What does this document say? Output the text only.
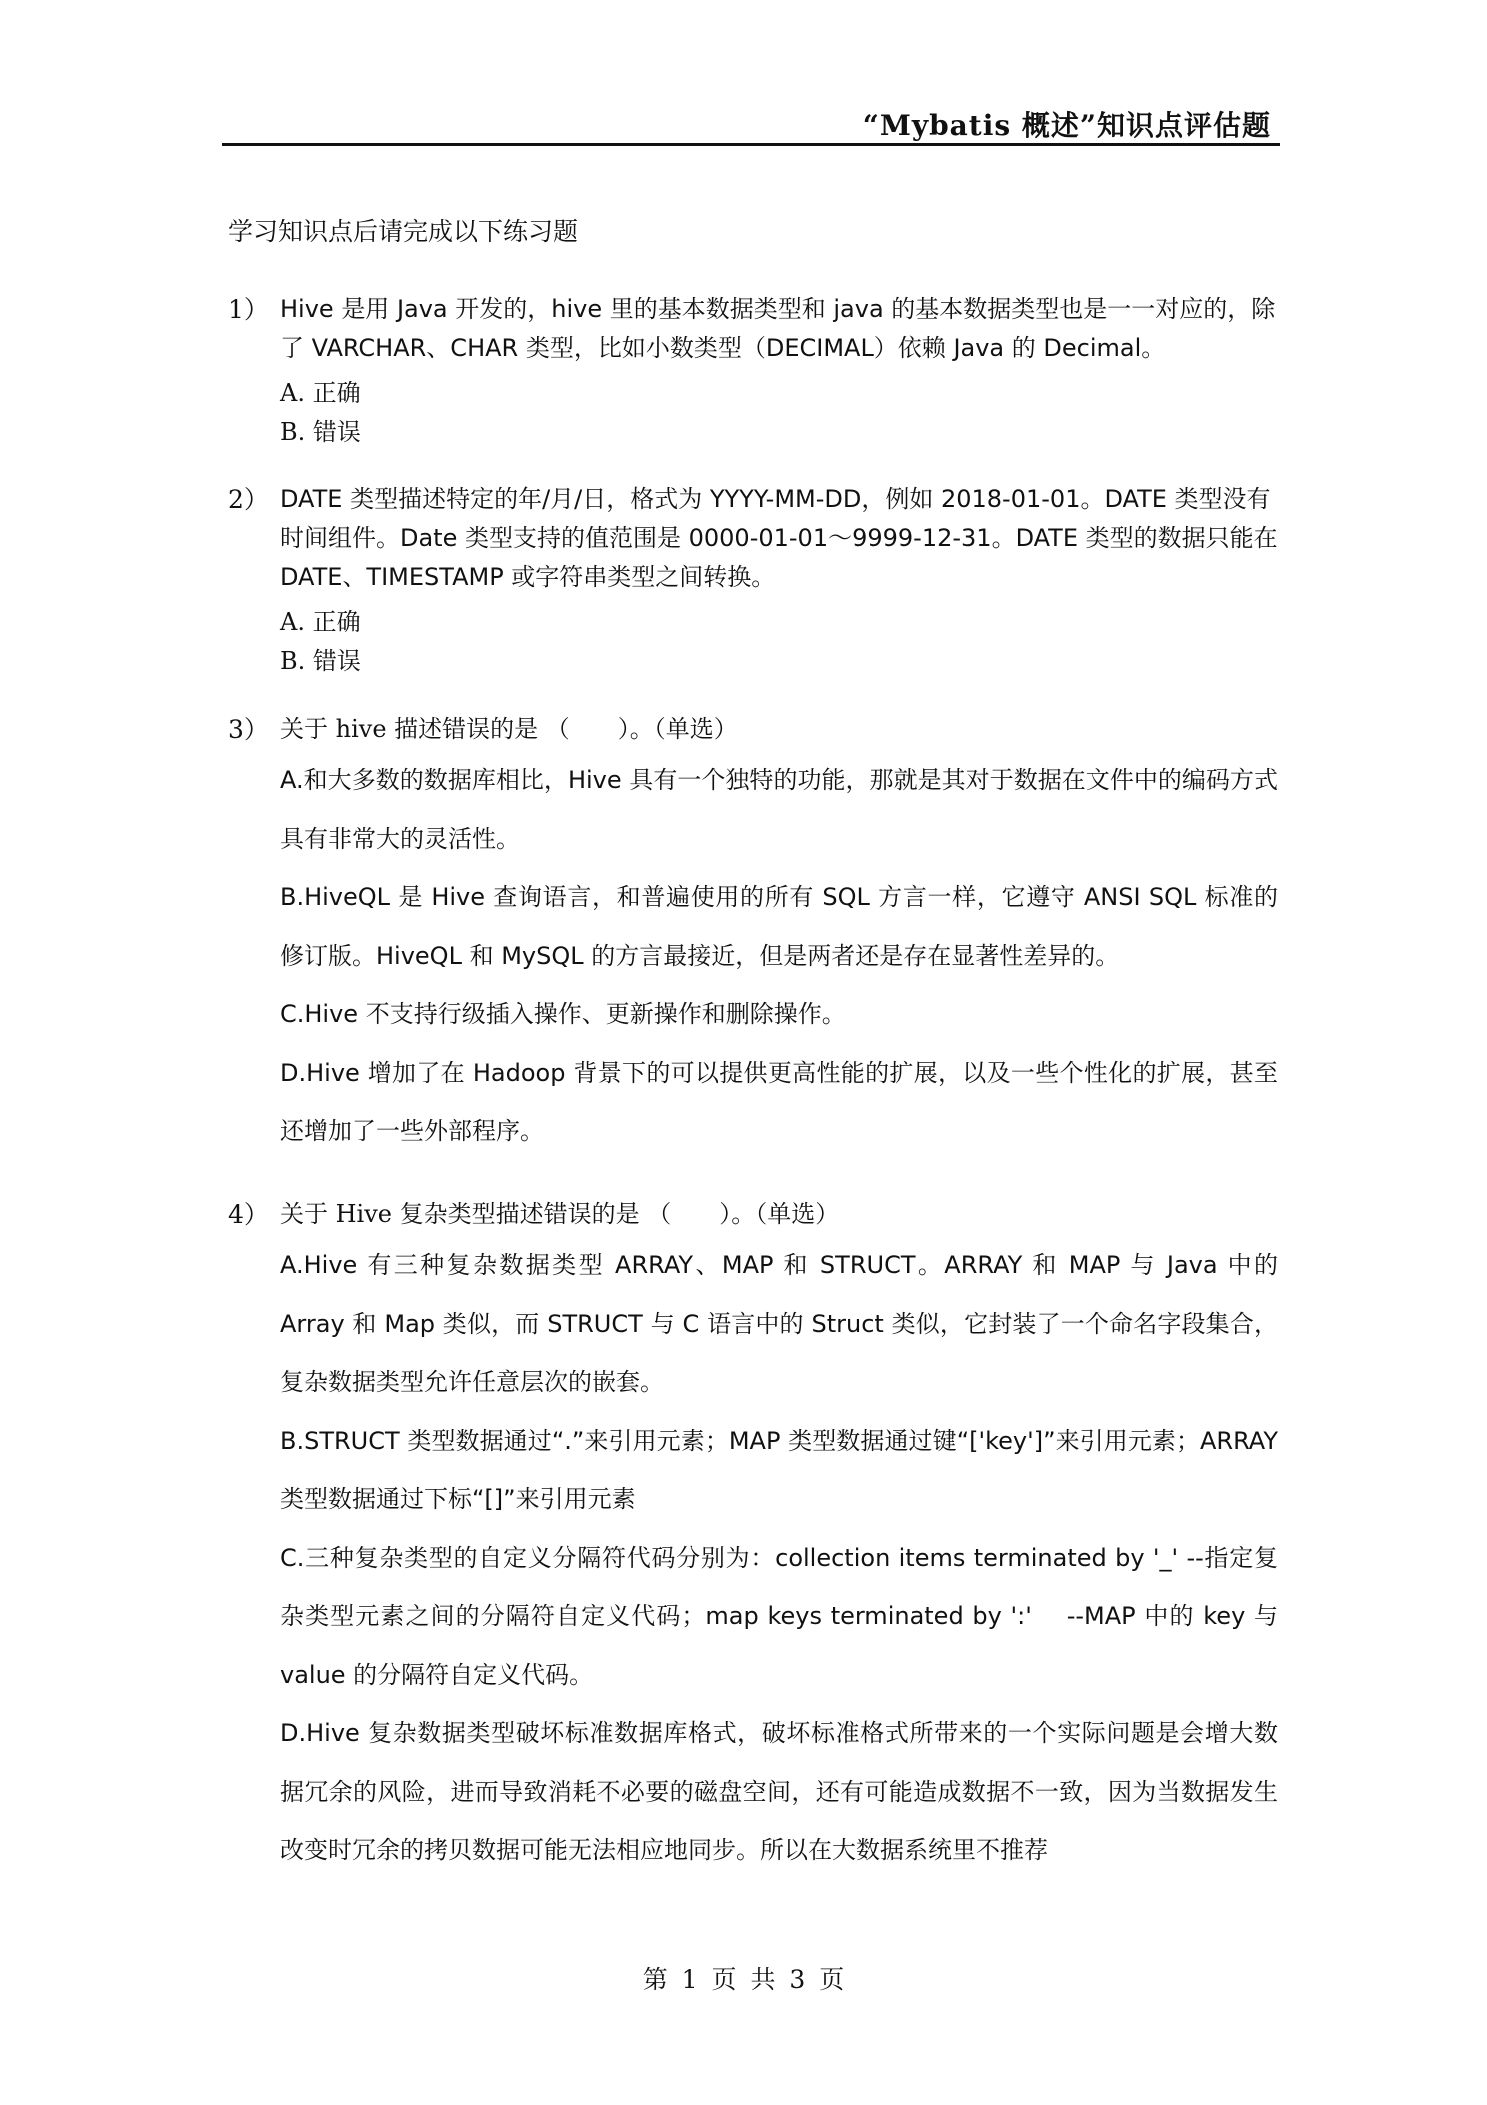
“Mybatis 概述”知识点评估题
学习知识点后请完成以下练习题
1） Hive 是用 Java 开发的，hive 里的基本数据类型和 java 的基本数据类型也是一一对应的，除了 VARCHAR、CHAR 类型，比如小数类型（DECIMAL）依赖 Java 的 Decimal。
A. 正确
B. 错误
2） DATE 类型描述特定的年/月/日，格式为 YYYY-MM-DD，例如 2018-01-01。DATE 类型没有时间组件。Date 类型支持的值范围是 0000-01-01～9999-12-31。DATE 类型的数据只能在 DATE、TIMESTAMP 或字符串类型之间转换。
A. 正确
B. 错误
3） 关于 hive 描述错误的是 （　　）。（单选）
A.和大多数的数据库相比，Hive 具有一个独特的功能，那就是其对于数据在文件中的编码方式具有非常大的灵活性。
B.HiveQL 是 Hive 查询语言，和普遍使用的所有 SQL 方言一样，它遵守 ANSI SQL 标准的修订版。HiveQL 和 MySQL 的方言最接近，但是两者还是存在显著性差异的。
C.Hive 不支持行级插入操作、更新操作和删除操作。
D.Hive 增加了在 Hadoop 背景下的可以提供更高性能的扩展，以及一些个性化的扩展，甚至还增加了一些外部程序。
4） 关于 Hive 复杂类型描述错误的是 （　　）。（单选）
A.Hive 有三种复杂数据类型 ARRAY、MAP 和 STRUCT。ARRAY 和 MAP 与 Java 中的 Array 和 Map 类似，而 STRUCT 与 C 语言中的 Struct 类似，它封装了一个命名字段集合，复杂数据类型允许任意层次的嵌套。
B.STRUCT 类型数据通过“.”来引用元素；MAP 类型数据通过键“['key']”来引用元素；ARRAY 类型数据通过下标“[]”来引用元素
C.三种复杂类型的自定义分隔符代码分别为：collection items terminated by '_' --指定复杂类型元素之间的分隔符自定义代码；map keys terminated by ':'　 --MAP 中的 key 与 value 的分隔符自定义代码。
D.Hive 复杂数据类型破坏标准数据库格式，破坏标准格式所带来的一个实际问题是会增大数据冗余的风险，进而导致消耗不必要的磁盘空间，还有可能造成数据不一致，因为当数据发生改变时冗余的拷贝数据可能无法相应地同步。所以在大数据系统里不推荐
第 1 页 共 3 页
